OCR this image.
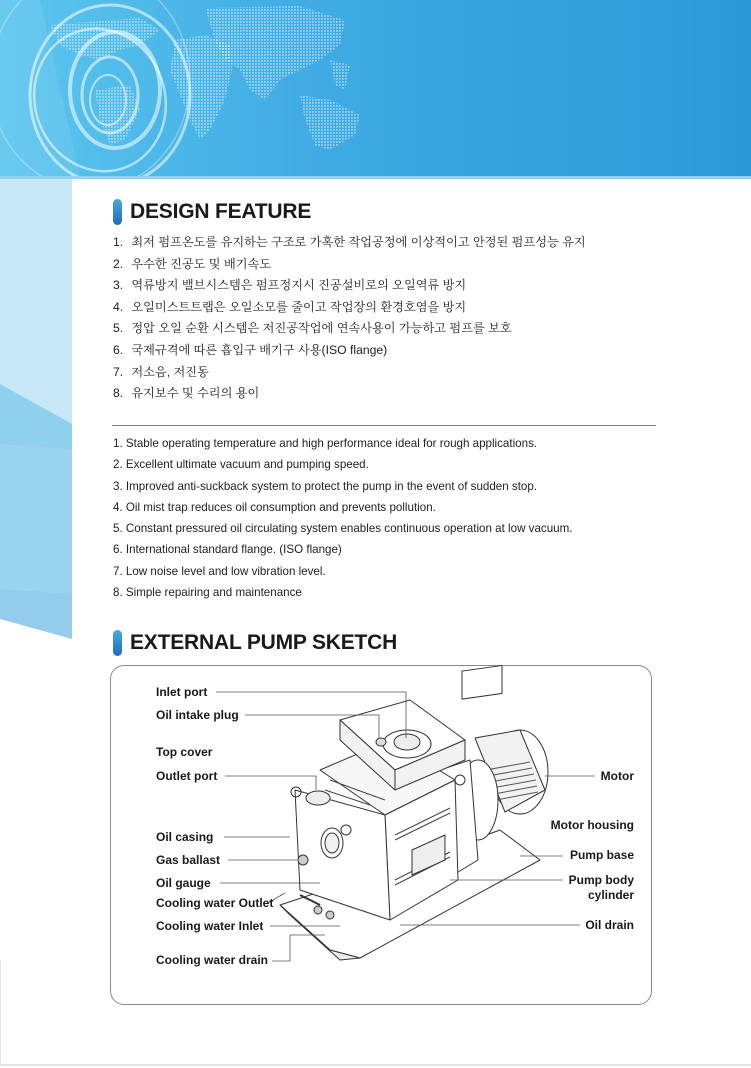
DESIGN FEATURE
1. 최저 펌프온도를 유지하는 구조로 가혹한 작업공정에 이상적이고 안정된 펌프성능 유지
2. 우수한 진공도 및 배기속도
3. 역류방지 밸브시스템은 펌프정지시 진공설비로의 오일역류 방지
4. 오일미스트트랩은 오일소모를 줄이고 작업장의 환경호염을 방지
5. 정압 오일 순환 시스템은 저진공작업에 연속사용이 가능하고 펌프를 보호
6. 국제규격에 따른 흡입구 배기구 사용(ISO flange)
7. 저소음, 저진동
8. 유지보수 및 수리의 용이
1. Stable operating temperature and high performance ideal for rough applications.
2. Excellent ultimate vacuum and pumping speed.
3. Improved anti-suckback system to protect the pump in the event of sudden stop.
4. Oil mist trap reduces oil consumption and prevents pollution.
5. Constant pressured oil circulating system enables continuous operation at low vacuum.
6. International standard flange. (ISO flange)
7. Low noise level and low vibration level.
8. Simple repairing and maintenance
EXTERNAL PUMP SKETCH
Inlet port
Oil intake plug
Top cover
Outlet port
Oil casing
Gas ballast
Oil gauge
Cooling water Outlet
Cooling water Inlet
Cooling water drain
Motor
Motor housing
Pump base
Pump body
cylinder
Oil drain
